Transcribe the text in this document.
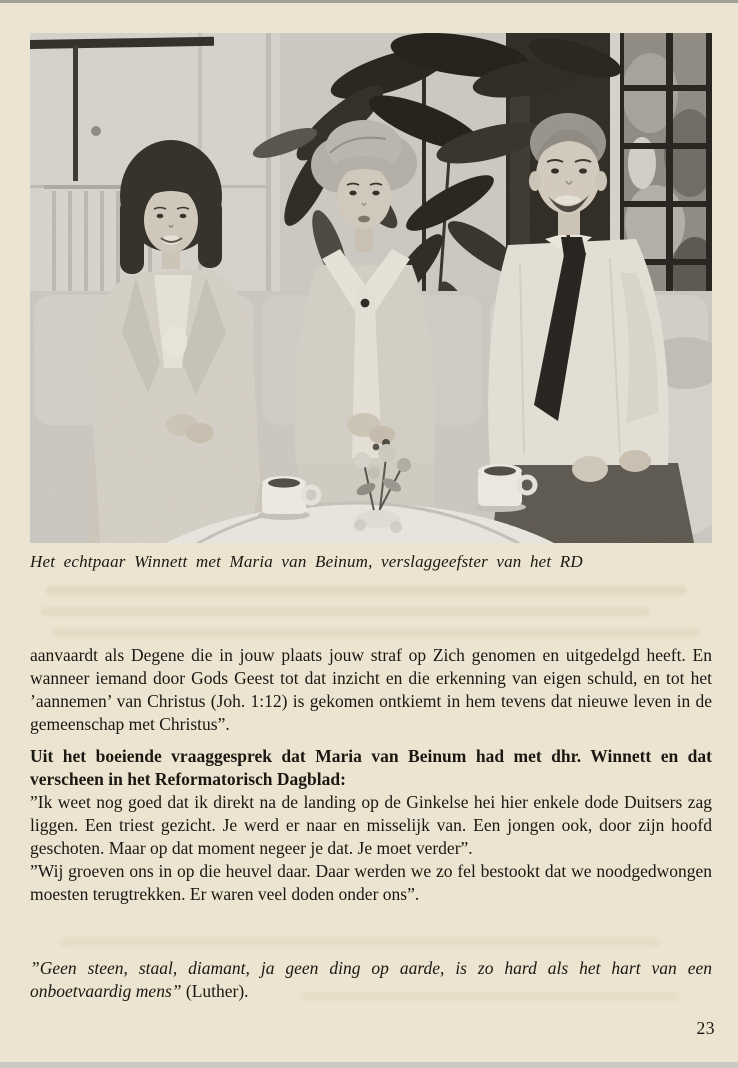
Het echtpaar Winnett met Maria van Beinum, verslaggeefster van het RD

aanvaardt als Degene die in jouw plaats jouw straf op Zich genomen en uitgedelgd heeft. En wanneer iemand door Gods Geest tot dat inzicht en die erkenning van eigen schuld, en tot het ’aannemen’ van Christus (Joh. 1:12) is gekomen ontkiemt in hem tevens dat nieuwe leven in de gemeenschap met Christus”.

Uit het boeiende vraaggesprek dat Maria van Beinum had met dhr. Winnett en dat verscheen in het Reformatorisch Dagblad:

”Ik weet nog goed dat ik direkt na de landing op de Ginkelse hei hier enkele dode Duitsers zag liggen. Een triest gezicht. Je werd er naar en misselijk van. Een jongen ook, door zijn hoofd geschoten. Maar op dat moment negeer je dat. Je moet verder”.

”Wij groeven ons in op die heuvel daar. Daar werden we zo fel bestookt dat we noodgedwongen moesten terugtrekken. Er waren veel doden onder ons”.

”Geen steen, staal, diamant, ja geen ding op aarde, is zo hard als het hart van een onboetvaardig mens” (Luther).

23
